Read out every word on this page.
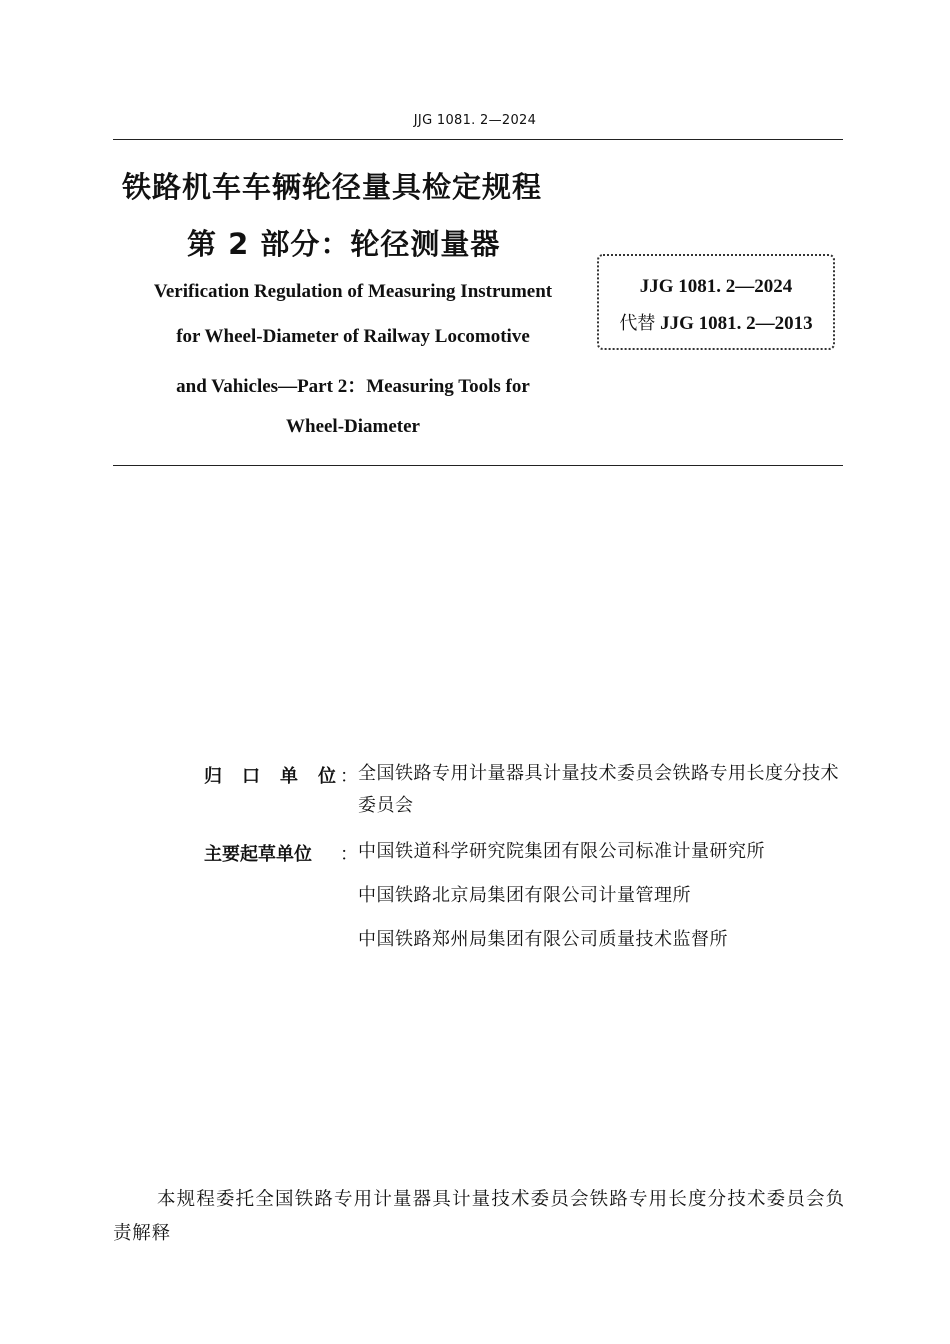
JJG 1081. 2—2024
铁路机车车辆轮径量具检定规程
第 2 部分：轮径测量器
Verification Regulation of Measuring Instrument
for Wheel-Diameter of Railway Locomotive
and Vahicles—Part 2：Measuring Tools for
Wheel-Diameter
JJG 1081. 2—2024
代替 JJG 1081. 2—2013
归 口 单 位 ： 全国铁路专用计量器具计量技术委员会铁路专用长度分技术委员会
主要起草单位	： 中国铁道科学研究院集团有限公司标准计量研究所
中国铁路北京局集团有限公司计量管理所
中国铁路郑州局集团有限公司质量技术监督所
本规程委托全国铁路专用计量器具计量技术委员会铁路专用长度分技术委员会负责解释
